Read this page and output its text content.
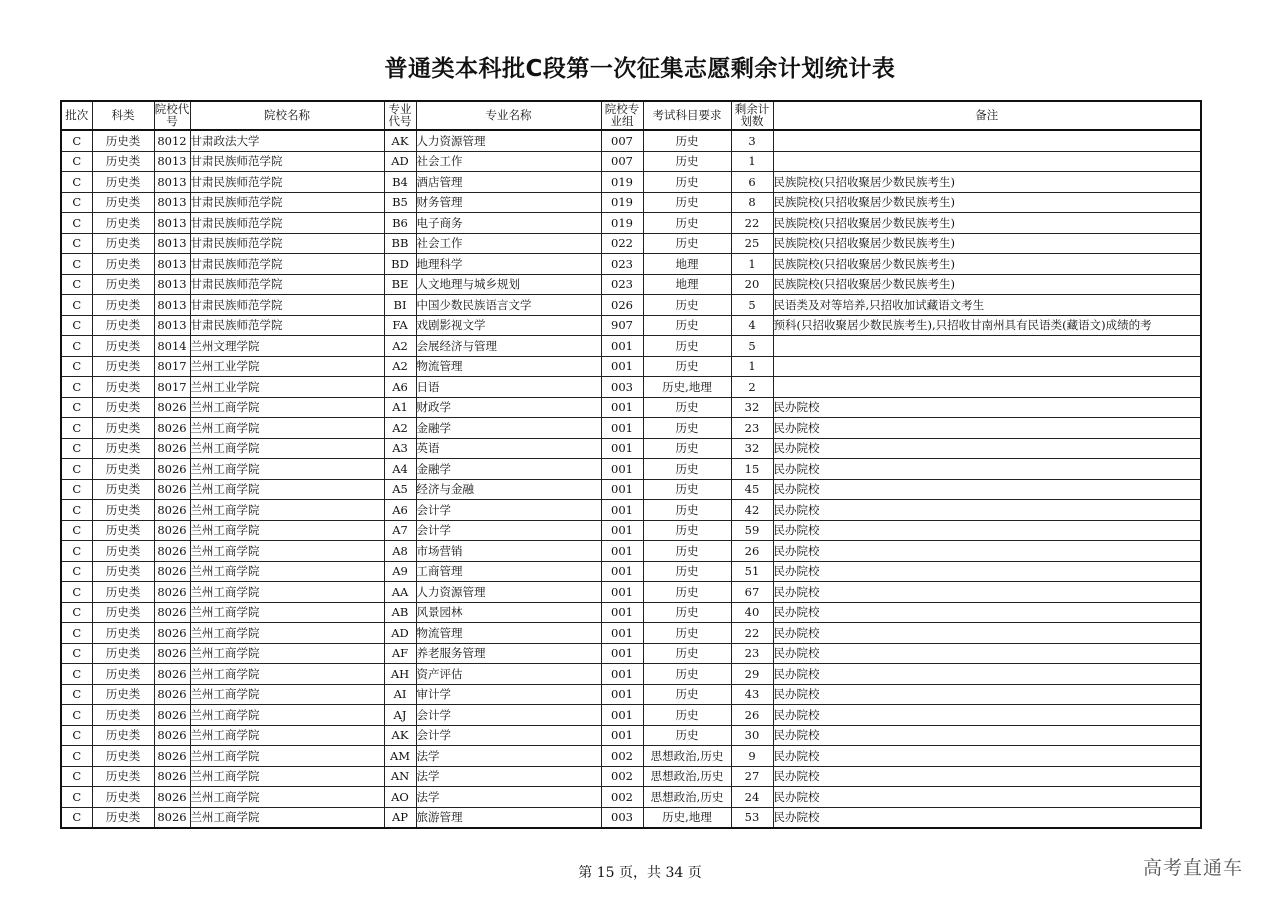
普通类本科批C段第一次征集志愿剩余计划统计表
批次	科类	院校代号	院校名称	专业代号	专业名称	院校专业组	考试科目要求	剩余计划数	备注
C	历史类	8012	甘肃政法大学	AK	人力资源管理	007	历史	3	
C	历史类	8013	甘肃民族师范学院	AD	社会工作	007	历史	1	
C	历史类	8013	甘肃民族师范学院	B4	酒店管理	019	历史	6	民族院校(只招收聚居少数民族考生)
C	历史类	8013	甘肃民族师范学院	B5	财务管理	019	历史	8	民族院校(只招收聚居少数民族考生)
C	历史类	8013	甘肃民族师范学院	B6	电子商务	019	历史	22	民族院校(只招收聚居少数民族考生)
C	历史类	8013	甘肃民族师范学院	BB	社会工作	022	历史	25	民族院校(只招收聚居少数民族考生)
C	历史类	8013	甘肃民族师范学院	BD	地理科学	023	地理	1	民族院校(只招收聚居少数民族考生)
C	历史类	8013	甘肃民族师范学院	BE	人文地理与城乡规划	023	地理	20	民族院校(只招收聚居少数民族考生)
C	历史类	8013	甘肃民族师范学院	BI	中国少数民族语言文学	026	历史	5	民语类及对等培养,只招收加试藏语文考生
C	历史类	8013	甘肃民族师范学院	FA	戏剧影视文学	907	历史	4	预科(只招收聚居少数民族考生),只招收甘南州具有民语类(藏语文)成绩的考
C	历史类	8014	兰州文理学院	A2	会展经济与管理	001	历史	5	
C	历史类	8017	兰州工业学院	A2	物流管理	001	历史	1	
C	历史类	8017	兰州工业学院	A6	日语	003	历史,地理	2	
C	历史类	8026	兰州工商学院	A1	财政学	001	历史	32	民办院校
C	历史类	8026	兰州工商学院	A2	金融学	001	历史	23	民办院校
C	历史类	8026	兰州工商学院	A3	英语	001	历史	32	民办院校
C	历史类	8026	兰州工商学院	A4	金融学	001	历史	15	民办院校
C	历史类	8026	兰州工商学院	A5	经济与金融	001	历史	45	民办院校
C	历史类	8026	兰州工商学院	A6	会计学	001	历史	42	民办院校
C	历史类	8026	兰州工商学院	A7	会计学	001	历史	59	民办院校
C	历史类	8026	兰州工商学院	A8	市场营销	001	历史	26	民办院校
C	历史类	8026	兰州工商学院	A9	工商管理	001	历史	51	民办院校
C	历史类	8026	兰州工商学院	AA	人力资源管理	001	历史	67	民办院校
C	历史类	8026	兰州工商学院	AB	风景园林	001	历史	40	民办院校
C	历史类	8026	兰州工商学院	AD	物流管理	001	历史	22	民办院校
C	历史类	8026	兰州工商学院	AF	养老服务管理	001	历史	23	民办院校
C	历史类	8026	兰州工商学院	AH	资产评估	001	历史	29	民办院校
C	历史类	8026	兰州工商学院	AI	审计学	001	历史	43	民办院校
C	历史类	8026	兰州工商学院	AJ	会计学	001	历史	26	民办院校
C	历史类	8026	兰州工商学院	AK	会计学	001	历史	30	民办院校
C	历史类	8026	兰州工商学院	AM	法学	002	思想政治,历史	9	民办院校
C	历史类	8026	兰州工商学院	AN	法学	002	思想政治,历史	27	民办院校
C	历史类	8026	兰州工商学院	AO	法学	002	思想政治,历史	24	民办院校
C	历史类	8026	兰州工商学院	AP	旅游管理	003	历史,地理	53	民办院校
第 15 页，共 34 页	高考直通车
